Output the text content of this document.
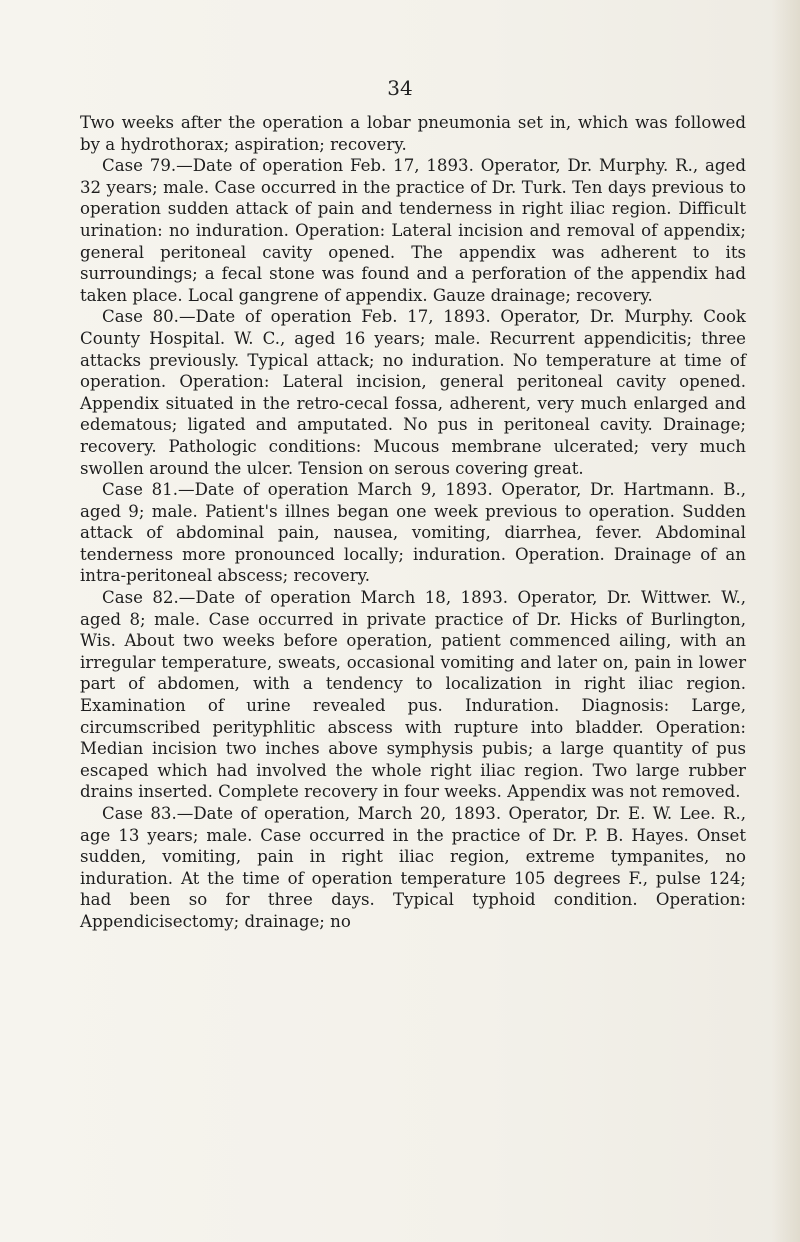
34

Two weeks after the operation a lobar pneumonia set in, which was followed by a hydrothorax; aspiration; recovery.

Case 79.—Date of operation Feb. 17, 1893. Operator, Dr. Murphy. R., aged 32 years; male. Case occurred in the practice of Dr. Turk. Ten days previous to operation sudden attack of pain and tenderness in right iliac region. Difficult urination: no induration. Operation: Lateral incision and removal of appendix; general peritoneal cavity opened. The appendix was adherent to its surroundings; a fecal stone was found and a perforation of the appendix had taken place. Local gangrene of appendix. Gauze drainage; recovery.

Case 80.—Date of operation Feb. 17, 1893. Operator, Dr. Murphy. Cook County Hospital. W. C., aged 16 years; male. Recurrent appendicitis; three attacks previously. Typical attack; no induration. No temperature at time of operation. Operation: Lateral incision, general peritoneal cavity opened. Appendix situated in the retro-cecal fossa, adherent, very much enlarged and edematous; ligated and amputated. No pus in peritoneal cavity. Drainage; recovery. Pathologic conditions: Mucous membrane ulcerated; very much swollen around the ulcer. Tension on serous covering great.

Case 81.—Date of operation March 9, 1893. Operator, Dr. Hartmann. B., aged 9; male. Patient's illnes began one week previous to operation. Sudden attack of abdominal pain, nausea, vomiting, diarrhea, fever. Abdominal tenderness more pronounced locally; induration. Operation. Drainage of an intra-peritoneal abscess; recovery.

Case 82.—Date of operation March 18, 1893. Operator, Dr. Wittwer. W., aged 8; male. Case occurred in private practice of Dr. Hicks of Burlington, Wis. About two weeks before operation, patient commenced ailing, with an irregular temperature, sweats, occasional vomiting and later on, pain in lower part of abdomen, with a tendency to localization in right iliac region. Examination of urine revealed pus. Induration. Diagnosis: Large, circumscribed perityphlitic abscess with rupture into bladder. Operation: Median incision two inches above symphysis pubis; a large quantity of pus escaped which had involved the whole right iliac region. Two large rubber drains inserted. Complete recovery in four weeks. Appendix was not removed.

Case 83.—Date of operation, March 20, 1893. Operator, Dr. E. W. Lee. R., age 13 years; male. Case occurred in the practice of Dr. P. B. Hayes. Onset sudden, vomiting, pain in right iliac region, extreme tympanites, no induration. At the time of operation temperature 105 degrees F., pulse 124; had been so for three days. Typical typhoid condition. Operation: Appendicisectomy; drainage; no
